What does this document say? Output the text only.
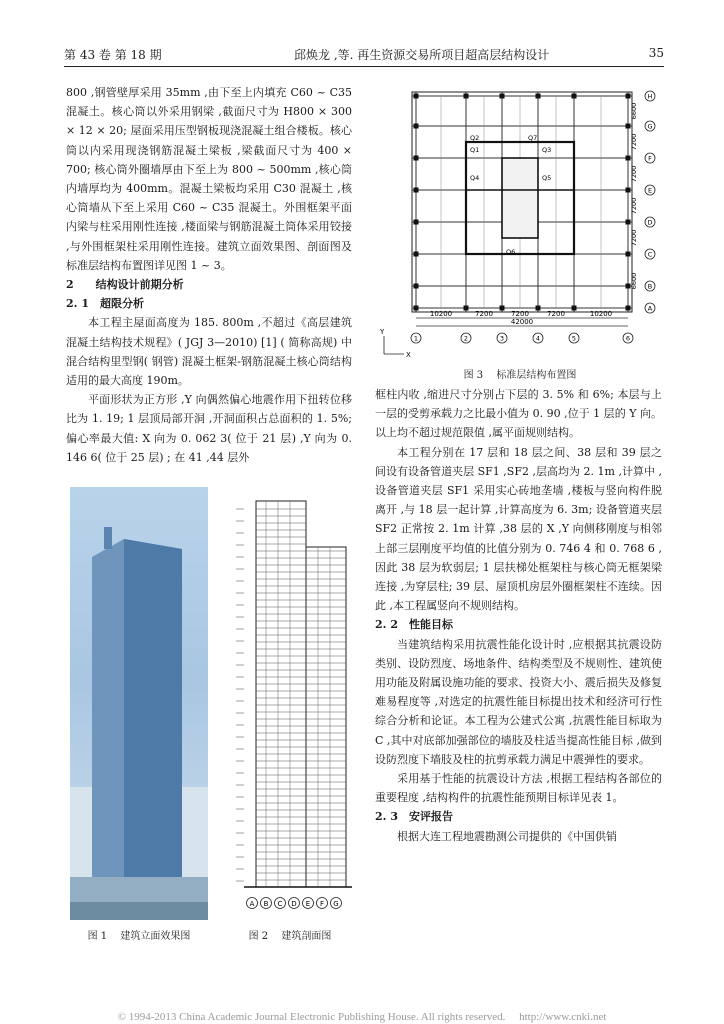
第 43 卷 第 18 期	邱焕龙 ,等. 再生资源交易所项目超高层结构设计	35

800 ,钢管壁厚采用 35mm ,由下至上内填充 C60 ~ C35 混凝土。核心筒以外采用钢梁 ,截面尺寸为 H800 × 300 × 12 × 20; 屋面采用压型钢板现浇混凝土组合楼板。核心筒以内采用现浇钢筋混凝土梁板 ,梁截面尺寸为 400 × 700; 核心筒外圈墙厚由下至上为 800 ~ 500mm ,核心筒内墙厚均为 400mm。混凝土梁板均采用 C30 混凝土 ,核心筒墙从下至上采用 C60 ~ C35 混凝土。外围框架平面内梁与柱采用刚性连接 ,楼面梁与钢筋混凝土筒体采用铰接 ,与外围框架柱采用刚性连接。建筑立面效果图、剖面图及标准层结构布置图详见图 1 ~ 3。

2　　结构设计前期分析

2. 1　超限分析

本工程主屋面高度为 185. 800m ,不超过《高层建筑混凝土结构技术规程》( JGJ 3—2010) [1] ( 简称高规) 中混合结构里型钢( 钢管) 混凝土框架-钢筋混凝土核心筒结构适用的最大高度 190m。

平面形状为正方形 ,Y 向偶然偏心地震作用下扭转位移比为 1. 19; 1 层顶局部开洞 ,开洞面积占总面积的 1. 5%; 偏心率最大值: X 向为 0. 062 3( 位于 21 层) ,Y 向为 0. 146 6( 位于 25 层) ; 在 41 ,44 层外

图 1　 建筑立面效果图
A B C D E F G
图 2　 建筑剖面图
Q1
Q2
Q3
Q4	Q5
Q6
Q7
H
G
F
E
D
C
B
A
6600
7200
7200
7200
7200
6600
10200	7200	7200	7200	10200
42000
1	2	3	4	5	6
X
Y
图 3　 标准层结构布置图

框柱内收 ,缩进尺寸分别占下层的 3. 5% 和 6%; 本层与上一层的受剪承载力之比最小值为 0. 90 ,位于 1 层的 Y 向。以上均不超过规范限值 ,属平面规则结构。

本工程分别在 17 层和 18 层之间、38 层和 39 层之间设有设备管道夹层 SF1 ,SF2 ,层高均为 2. 1m ,计算中 ,设备管道夹层 SF1 采用实心砖地垄墙 ,楼板与竖向构件脱离开 ,与 18 层一起计算 ,计算高度为 6. 3m; 设备管道夹层 SF2 正常按 2. 1m 计算 ,38 层的 X ,Y 向侧移刚度与相邻上部三层刚度平均值的比值分别为 0. 746 4 和 0. 768 6 ,因此 38 层为软弱层; 1 层扶梯处框架柱与核心筒无框架梁连接 ,为穿层柱; 39 层、屋顶机房层外圈框架柱不连续。因此 ,本工程属竖向不规则结构。

2. 2　性能目标

当建筑结构采用抗震性能化设计时 ,应根据其抗震设防类别、设防烈度、场地条件、结构类型及不规则性、建筑使用功能及附属设施功能的要求、投资大小、震后损失及修复难易程度等 ,对选定的抗震性能目标提出技术和经济可行性综合分析和论证。本工程为公建式公寓 ,抗震性能目标取为 C ,其中对底部加强部位的墙肢及柱适当提高性能目标 ,做到设防烈度下墙肢及柱的抗剪承载力满足中震弹性的要求。

采用基于性能的抗震设计方法 ,根据工程结构各部位的重要程度 ,结构构件的抗震性能预期目标详见表 1。

2. 3　安评报告

根据大连工程地震勘测公司提供的《中国供销

© 1994-2013 China Academic Journal Electronic Publishing House. All rights reserved.　 http://www.cnki.net
